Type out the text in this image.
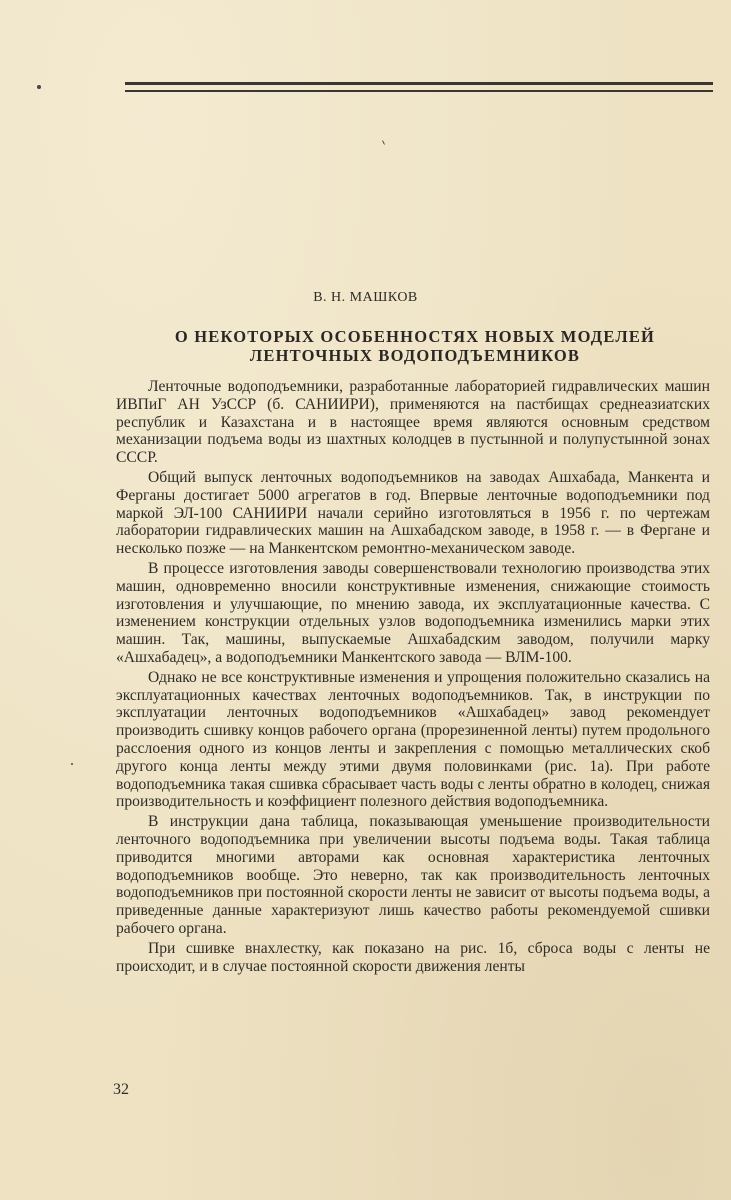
В. Н. МАШКОВ
О НЕКОТОРЫХ ОСОБЕННОСТЯХ НОВЫХ МОДЕЛЕЙ
ЛЕНТОЧНЫХ ВОДОПОДЪЕМНИКОВ

Ленточные водоподъемники, разработанные лабораторией гидравлических машин ИВПиГ АН УзССР (б. САНИИРИ), применяются на пастбищах среднеазиатских республик и Казахстана и в настоящее время являются основным средством механизации подъема воды из шахтных колодцев в пустынной и полупустынной зонах СССР.

Общий выпуск ленточных водоподъемников на заводах Ашхабада, Манкента и Ферганы достигает 5000 агрегатов в год. Впервые ленточные водоподъемники под маркой ЭЛ-100 САНИИРИ начали серийно изготовляться в 1956 г. по чертежам лаборатории гидравлических машин на Ашхабадском заводе, в 1958 г. — в Фергане и несколько позже — на Манкентском ремонтно-механическом заводе.

В процессе изготовления заводы совершенствовали технологию производства этих машин, одновременно вносили конструктивные изменения, снижающие стоимость изготовления и улучшающие, по мнению завода, их эксплуатационные качества. С изменением конструкции отдельных узлов водоподъемника изменились марки этих машин. Так, машины, выпускаемые Ашхабадским заводом, получили марку «Ашхабадец», а водоподъемники Манкентского завода — ВЛМ-100.

Однако не все конструктивные изменения и упрощения положительно сказались на эксплуатационных качествах ленточных водоподъемников. Так, в инструкции по эксплуатации ленточных водоподъемников «Ашхабадец» завод рекомендует производить сшивку концов рабочего органа (прорезиненной ленты) путем продольного расслоения одного из концов ленты и закрепления с помощью металлических скоб другого конца ленты между этими двумя половинками (рис. 1а). При работе водоподъемника такая сшивка сбрасывает часть воды с ленты обратно в колодец, снижая производительность и коэффициент полезного действия водоподъемника.

В инструкции дана таблица, показывающая уменьшение производительности ленточного водоподъемника при увеличении высоты подъема воды. Такая таблица приводится многими авторами как основная характеристика ленточных водоподъемников вообще. Это неверно, так как производительность ленточных водоподъемников при постоянной скорости ленты не зависит от высоты подъема воды, а приведенные данные характеризуют лишь качество работы рекомендуемой сшивки рабочего органа.

При сшивке внахлестку, как показано на рис. 1б, сброса воды с ленты не происходит, и в случае постоянной скорости движения ленты

32
